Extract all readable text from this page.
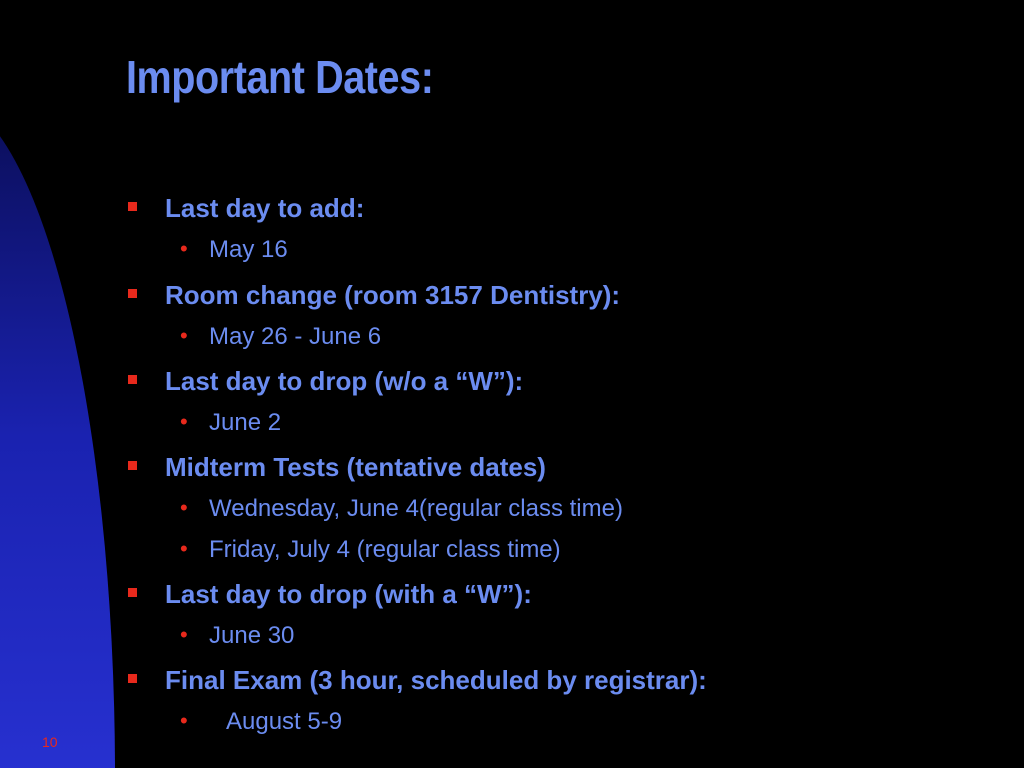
Important Dates:
Last day to add:
• May 16
Room change (room 3157 Dentistry):
• May 26 - June 6
Last day to drop (w/o a “W”):
• June 2
Midterm Tests (tentative dates)
• Wednesday, June 4(regular class time)
• Friday, July 4 (regular class time)
Last day to drop (with a “W”):
• June 30
Final Exam (3 hour, scheduled by registrar):
• August 5-9
10
